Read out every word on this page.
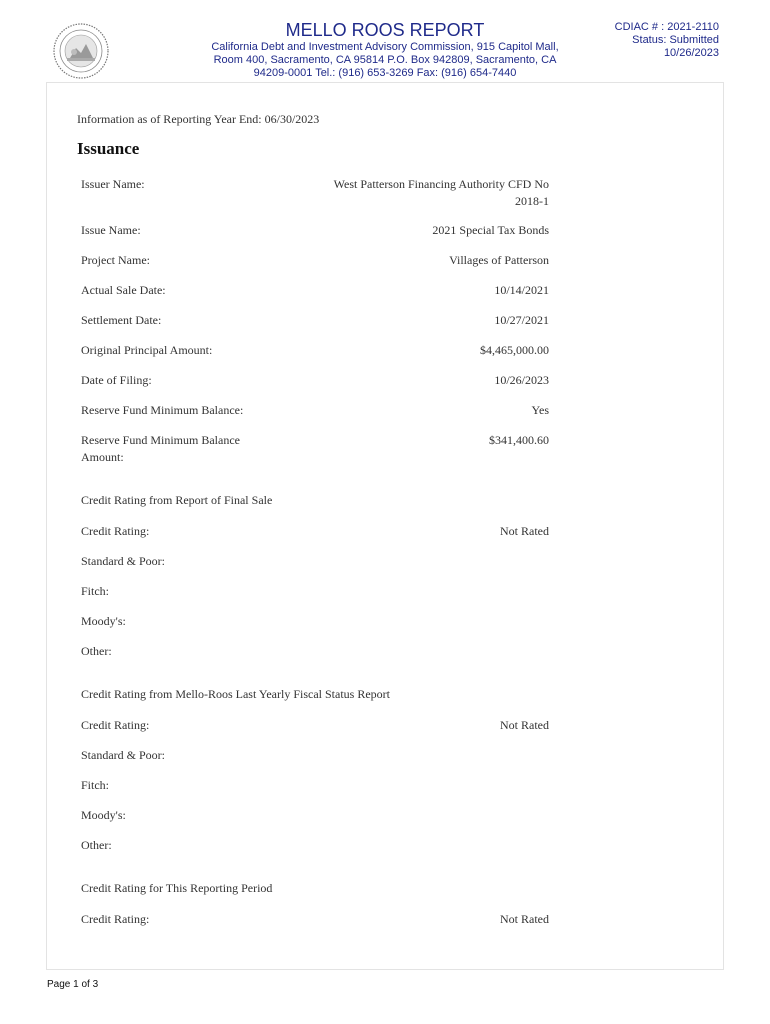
MELLO ROOS REPORT
California Debt and Investment Advisory Commission, 915 Capitol Mall,
Room 400, Sacramento, CA 95814 P.O. Box 942809, Sacramento, CA
94209-0001 Tel.: (916) 653-3269 Fax: (916) 654-7440
CDIAC # : 2021-2110
Status: Submitted
10/26/2023
Information as of Reporting Year End: 06/30/2023
Issuance
Issuer Name:	West Patterson Financing Authority CFD No 2018-1
Issue Name:	2021 Special Tax Bonds
Project Name:	Villages of Patterson
Actual Sale Date:	10/14/2021
Settlement Date:	10/27/2021
Original Principal Amount:	$4,465,000.00
Date of Filing:	10/26/2023
Reserve Fund Minimum Balance:	Yes
Reserve Fund Minimum Balance Amount:
$341,400.60
Credit Rating from Report of Final Sale
Credit Rating:	Not Rated
Standard & Poor:
Fitch:
Moody's:
Other:
Credit Rating from Mello-Roos Last Yearly Fiscal Status Report
Credit Rating:	Not Rated
Standard & Poor:
Fitch:
Moody's:
Other:
Credit Rating for This Reporting Period
Credit Rating:	Not Rated
Page 1 of 3
